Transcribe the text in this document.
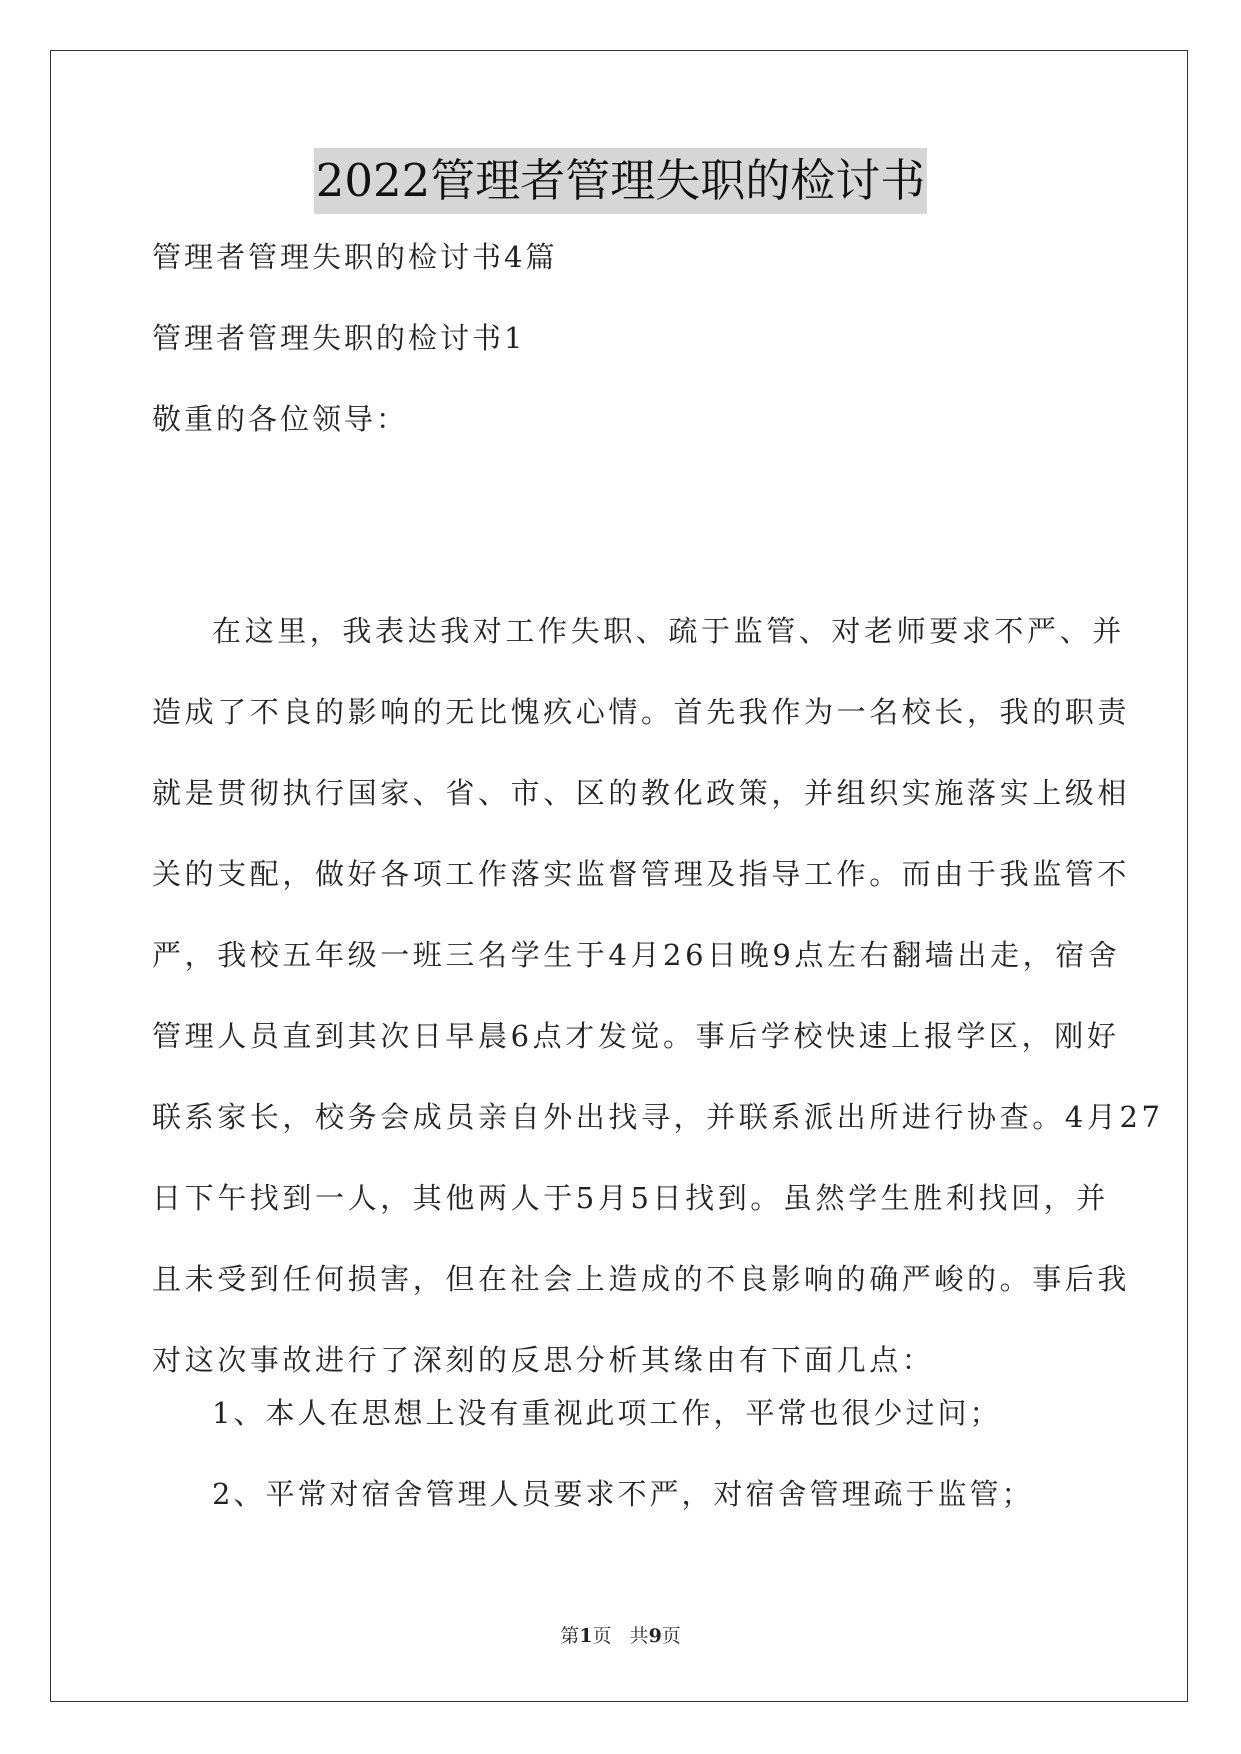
2022管理者管理失职的检讨书
管理者管理失职的检讨书4篇
管理者管理失职的检讨书1
敬重的各位领导：
在这里，我表达我对工作失职、疏于监管、对老师要求不严、并
造成了不良的影响的无比愧疚心情。首先我作为一名校长，我的职责
就是贯彻执行国家、省、市、区的教化政策，并组织实施落实上级相
关的支配，做好各项工作落实监督管理及指导工作。而由于我监管不
严，我校五年级一班三名学生于4月26日晚9点左右翻墙出走，宿舍
管理人员直到其次日早晨6点才发觉。事后学校快速上报学区，刚好
联系家长，校务会成员亲自外出找寻，并联系派出所进行协查。4月27
日下午找到一人，其他两人于5月5日找到。虽然学生胜利找回，并
且未受到任何损害，但在社会上造成的不良影响的确严峻的。事后我
对这次事故进行了深刻的反思分析其缘由有下面几点：
1、本人在思想上没有重视此项工作，平常也很少过问；
2、平常对宿舍管理人员要求不严，对宿舍管理疏于监管；
第1页   共9页
